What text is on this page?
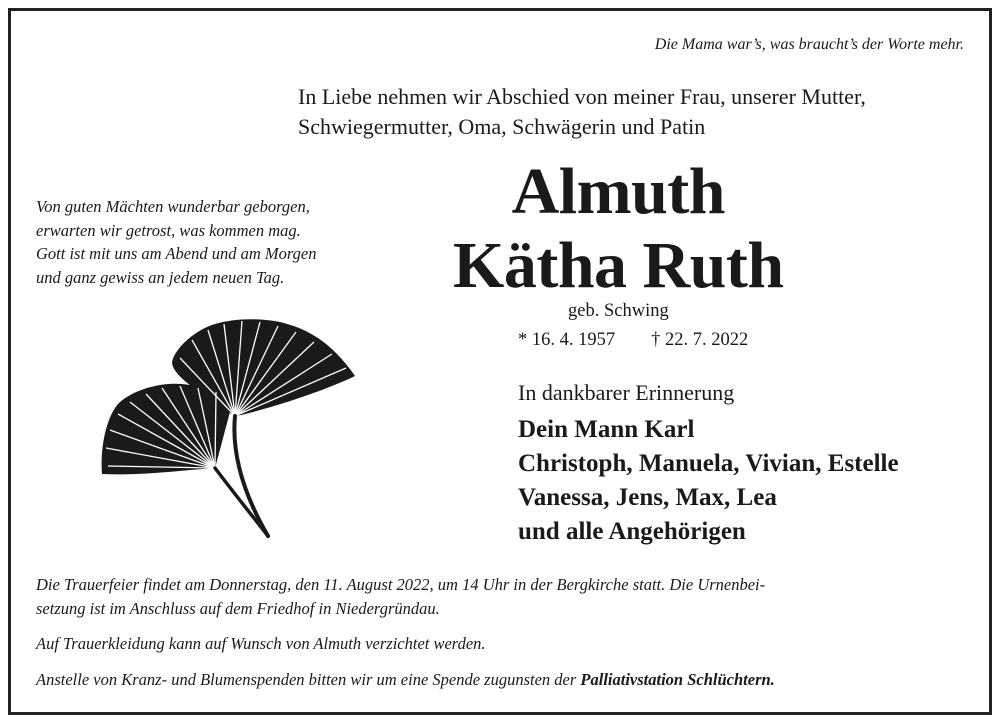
Die Mama war’s, was braucht’s der Worte mehr.
In Liebe nehmen wir Abschied von meiner Frau, unserer Mutter,
Schwiegermutter, Oma, Schwägerin und Patin
Von guten Mächten wunderbar geborgen,
erwarten wir getrost, was kommen mag.
Gott ist mit uns am Abend und am Morgen
und ganz gewiss an jedem neuen Tag.
Almuth
Kätha Ruth
geb. Schwing
* 16. 4. 1957 † 22. 7. 2022
In dankbarer Erinnerung
Dein Mann Karl
Christoph, Manuela, Vivian, Estelle
Vanessa, Jens, Max, Lea
und alle Angehörigen
Die Trauerfeier findet am Donnerstag, den 11. August 2022, um 14 Uhr in der Bergkirche statt. Die Urnenbei-
setzung ist im Anschluss auf dem Friedhof in Niedergründau.
Auf Trauerkleidung kann auf Wunsch von Almuth verzichtet werden.
Anstelle von Kranz- und Blumenspenden bitten wir um eine Spende zugunsten der Palliativstation Schlüchtern.
